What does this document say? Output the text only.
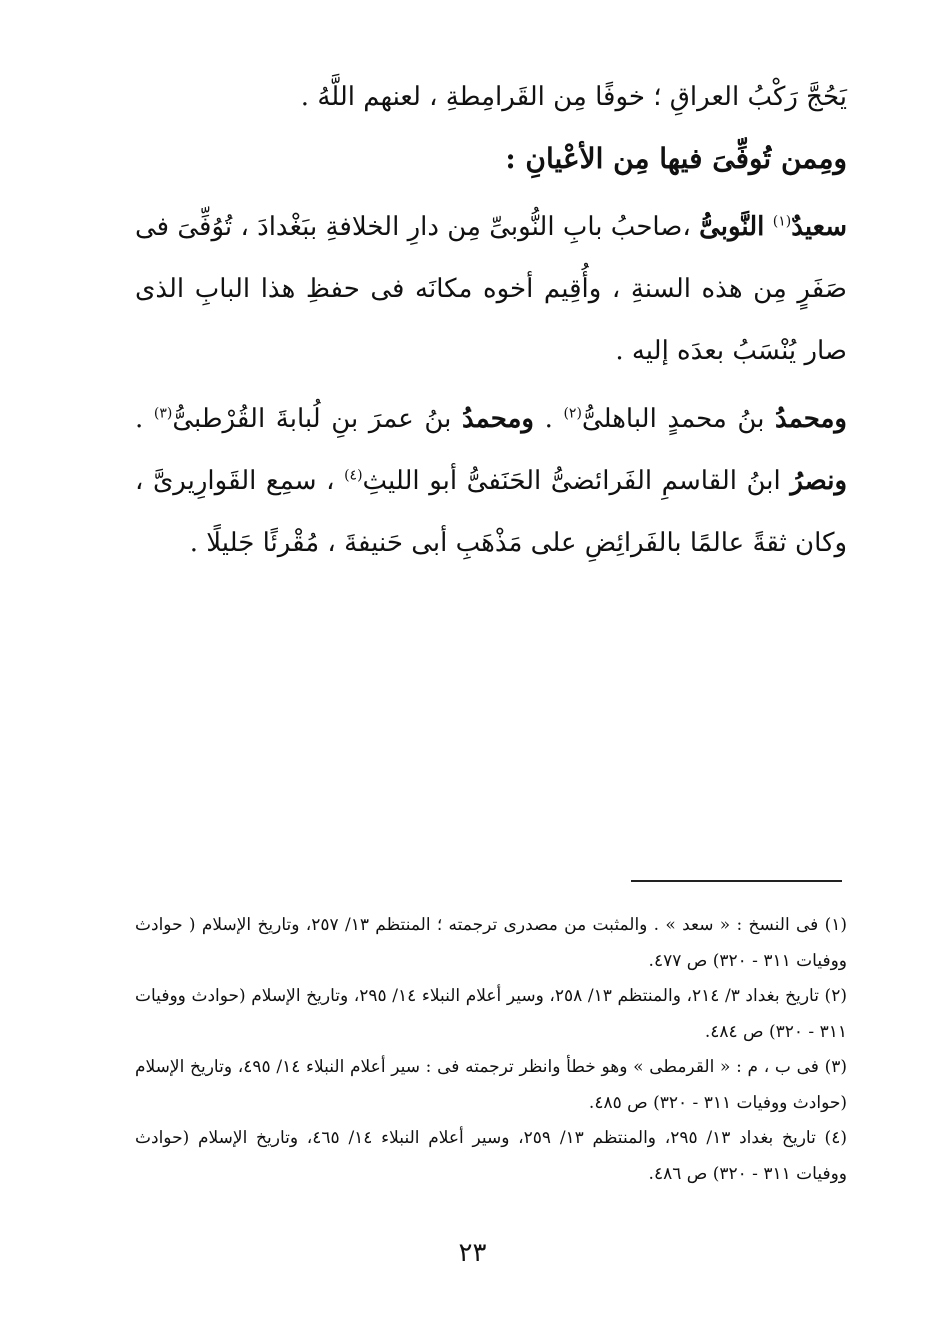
يَحُجَّ رَكْبُ العراقِ ؛ خوفًا مِن القَرامِطةِ ، لعنهم اللَّهُ .

ومِمن تُوفِّىَ فيها مِن الأعْيانِ :

سعيدٌ$^{(١)}$ النَّوبىُّ ،صاحبُ بابِ النُّوبىِّ مِن دارِ الخلافةِ ببَغْدادَ ، تُوُفِّىَ فى صَفَرٍ مِن هذه السنةِ ، وأُقِيم أخوه مكانَه فى حفظِ هذا البابِ الذى صار يُنْسَبُ بعدَه إليه .

ومحمدُ بنُ محمدٍ الباهلىُّ$^{(٢)}$ . ومحمدُ بنُ عمرَ بنِ لُبابةَ القُرْطبىُّ$^{(٣)}$ . ونصرُ ابنُ القاسمِ الفَرائضىُّ الحَنَفىُّ أبو الليثِ$^{(٤)}$ ، سمِع القَوارِيرىَّ ، وكان ثقةً عالمًا بالفَرائِضِ على مَذْهَبِ أبى حَنيفةَ ، مُقْرئًا جَليلًا .

(١) فى النسخ : « سعد » . والمثبت من مصدرى ترجمته ؛ المنتظم ١٣/ ٢٥٧، وتاريخ الإسلام ( حوادث ووفيات ٣١١ - ٣٢٠) ص ٤٧٧.

(٢) تاريخ بغداد ٣/ ٢١٤، والمنتظم ١٣/ ٢٥٨، وسير أعلام النبلاء ١٤/ ٢٩٥، وتاريخ الإسلام (حوادث ووفيات ٣١١ - ٣٢٠) ص ٤٨٤.

(٣) فى ب ، م : « القرمطى » وهو خطأ وانظر ترجمته فى : سير أعلام النبلاء ١٤/ ٤٩٥، وتاريخ الإسلام (حوادث ووفيات ٣١١ - ٣٢٠) ص ٤٨٥.

(٤) تاريخ بغداد ١٣/ ٢٩٥، والمنتظم ١٣/ ٢٥٩، وسير أعلام النبلاء ١٤/ ٤٦٥، وتاريخ الإسلام (حوادث ووفيات ٣١١ - ٣٢٠) ص ٤٨٦.

٢٣
